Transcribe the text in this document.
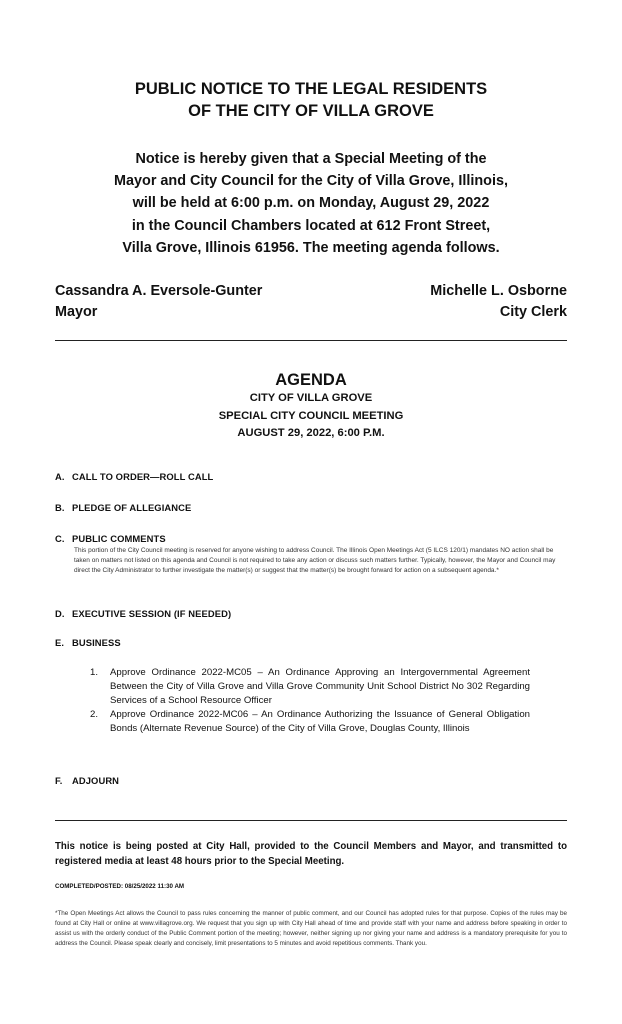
PUBLIC NOTICE TO THE LEGAL RESIDENTS
OF THE CITY OF VILLA GROVE
Notice is hereby given that a Special Meeting of the
Mayor and City Council for the City of Villa Grove, Illinois,
will be held at 6:00 p.m. on Monday, August 29, 2022
in the Council Chambers located at 612 Front Street,
Villa Grove, Illinois 61956. The meeting agenda follows.
Cassandra A. Eversole-Gunter
Mayor
Michelle L. Osborne
City Clerk
AGENDA
CITY OF VILLA GROVE
SPECIAL CITY COUNCIL MEETING
AUGUST 29, 2022, 6:00 P.M.
A. CALL TO ORDER—ROLL CALL
B. PLEDGE OF ALLEGIANCE
C. PUBLIC COMMENTS
This portion of the City Council meeting is reserved for anyone wishing to address Council. The Illinois Open Meetings Act (5 ILCS 120/1) mandates NO action shall be taken on matters not listed on this agenda and Council is not required to take any action or discuss such matters further. Typically, however, the Mayor and Council may direct the City Administrator to further investigate the matter(s) or suggest that the matter(s) be brought forward for action on a subsequent agenda.*
D. EXECUTIVE SESSION (IF NEEDED)
E. BUSINESS
1. Approve Ordinance 2022-MC05 – An Ordinance Approving an Intergovernmental Agreement Between the City of Villa Grove and Villa Grove Community Unit School District No 302 Regarding Services of a School Resource Officer
2. Approve Ordinance 2022-MC06 – An Ordinance Authorizing the Issuance of General Obligation Bonds (Alternate Revenue Source) of the City of Villa Grove, Douglas County, Illinois
F. ADJOURN
This notice is being posted at City Hall, provided to the Council Members and Mayor, and transmitted to registered media at least 48 hours prior to the Special Meeting.
COMPLETED/POSTED: 08/25/2022 11:30 AM
*The Open Meetings Act allows the Council to pass rules concerning the manner of public comment, and our Council has adopted rules for that purpose. Copies of the rules may be found at City Hall or online at www.villagrove.org. We request that you sign up with City Hall ahead of time and provide staff with your name and address before speaking in order to assist us with the orderly conduct of the Public Comment portion of the meeting; however, neither signing up nor giving your name and address is a mandatory prerequisite for you to address the Council. Please speak clearly and concisely, limit presentations to 5 minutes and avoid repetitious comments. Thank you.
